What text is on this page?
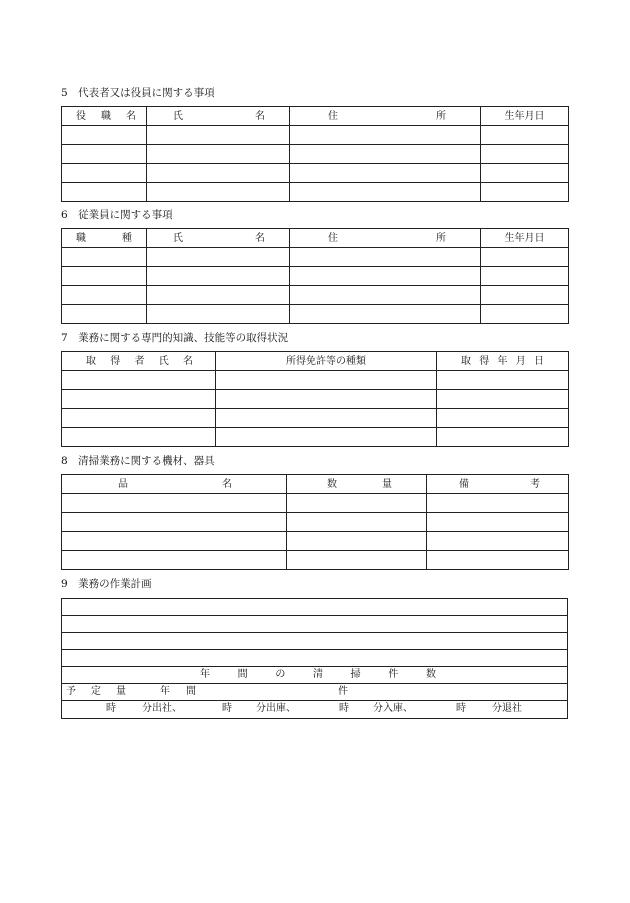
5　代表者又は役員に関する事項
役 職 名	氏 名	住 所	生年月日

6　従業員に関する事項
職 種	氏 名	住 所	生年月日

7　業務に関する専門的知識、技能等の取得状況
取 得 者 氏 名	所得免許等の種類	取 得 年 月 日

8　清掃業務に関する機材、器具
品 名	数 量	備 考

9　業務の作業計画
年	間	の	清	掃	件	数
予 定 量	年 間	件
時	分出社、	時 分出庫、	時 分入庫、	時	分退社
